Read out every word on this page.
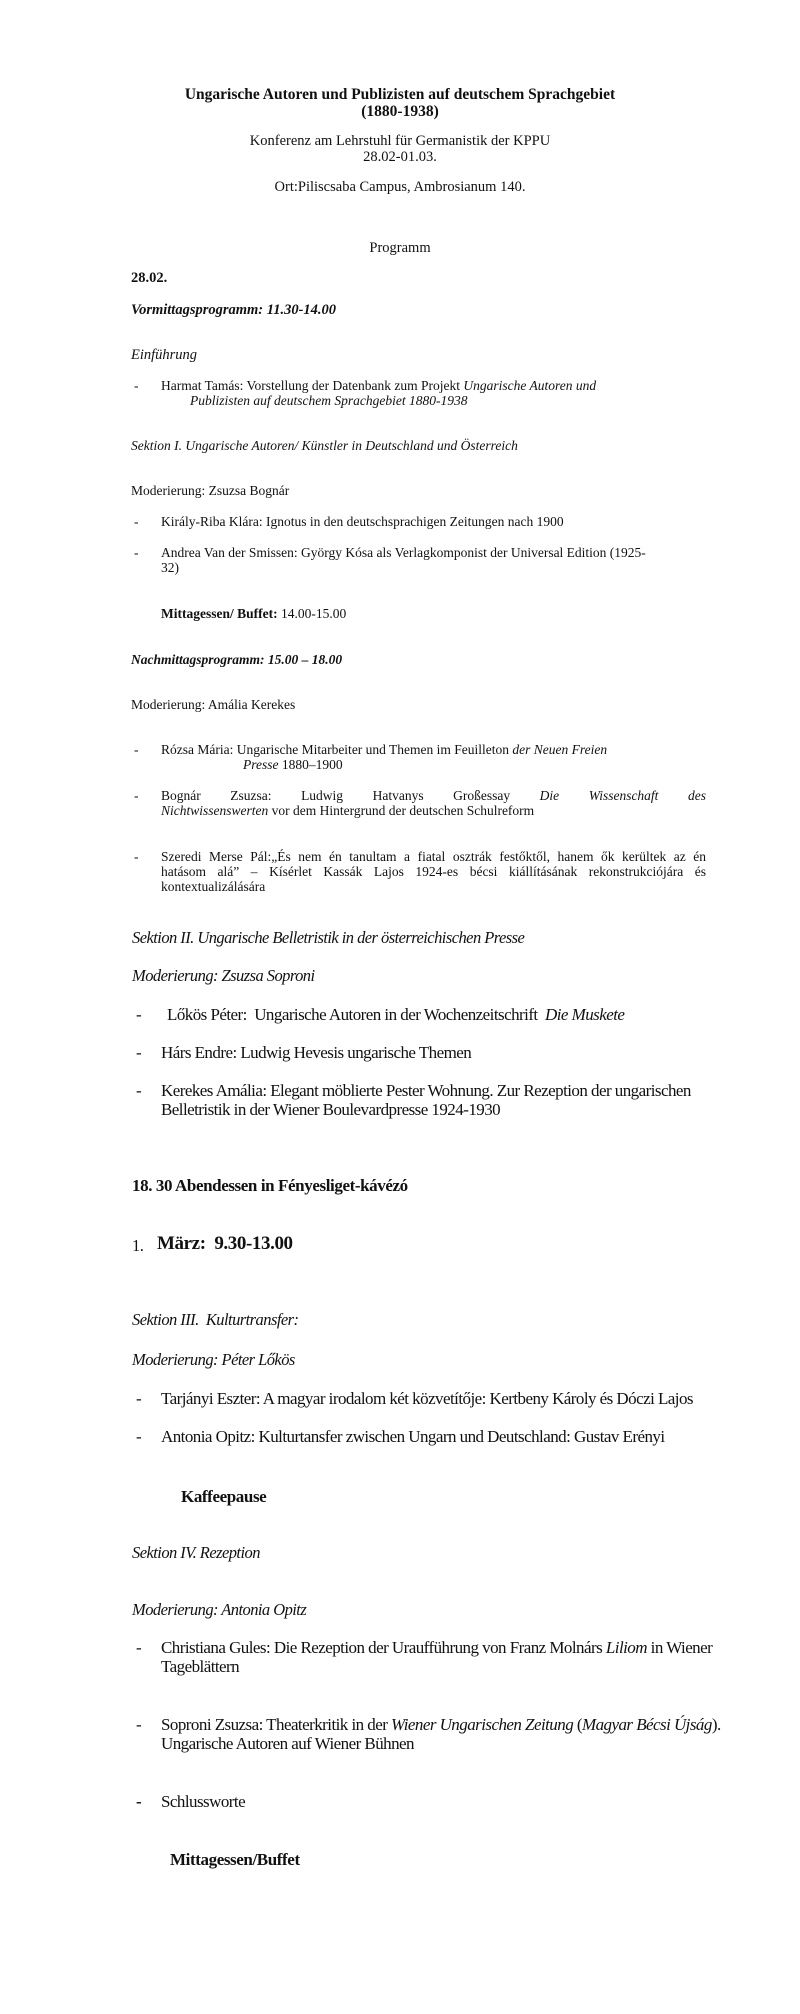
Ungarische Autoren und Publizisten auf deutschem Sprachgebiet

(1880-1938)

Konferenz am Lehrstuhl für Germanistik der KPPU

28.02-01.03.

Ort:Piliscsaba Campus, Ambrosianum 140.

Programm

28.02.

Vormittagsprogramm: 11.30-14.00

Einführung

- Harmat Tamás: Vorstellung der Datenbank zum Projekt Ungarische Autoren und

Publizisten auf deutschem Sprachgebiet 1880-1938

Sektion I. Ungarische Autoren/ Künstler in Deutschland und Österreich

Moderierung: Zsuzsa Bognár

- Király-Riba Klára: Ignotus in den deutschsprachigen Zeitungen nach 1900

- Andrea Van der Smissen: György Kósa als Verlagkomponist der Universal Edition (1925-

32)

Mittagessen/ Buffet: 14.00-15.00

Nachmittagsprogramm: 15.00 – 18.00

Moderierung: Amália Kerekes

- Rózsa Mária: Ungarische Mitarbeiter und Themen im Feuilleton der Neuen Freien

Presse 1880–1900

- Bognár Zsuzsa: Ludwig Hatvanys Großessay Die Wissenschaft des

Nichtwissenswerten vor dem Hintergrund der deutschen Schulreform

- Szeredi Merse Pál:„És nem én tanultam a fiatal osztrák festőktől, hanem ők kerültek az én

hatásom alá” – Kísérlet Kassák Lajos 1924-es bécsi kiállításának rekonstrukciójára és

kontextualizálására

Sektion II. Ungarische Belletristik in der österreichischen Presse

Moderierung: Zsuzsa Soproni

- Lőkös Péter:  Ungarische Autoren in der Wochenzeitschrift  Die Muskete

- Hárs Endre: Ludwig Hevesis ungarische Themen

- Kerekes Amália: Elegant möblierte Pester Wohnung. Zur Rezeption der ungarischen

Belletristik in der Wiener Boulevardpresse 1924-1930

18. 30 Abendessen in Fényesliget-kávézó

1. März:  9.30-13.00

Sektion III.  Kulturtransfer:

Moderierung: Péter Lőkös

- Tarjányi Eszter: A magyar irodalom két közvetítője: Kertbeny Károly és Dóczi Lajos

- Antonia Opitz: Kulturtansfer zwischen Ungarn und Deutschland: Gustav Erényi

Kaffeepause

Sektion IV. Rezeption

Moderierung: Antonia Opitz

- Christiana Gules: Die Rezeption der Uraufführung von Franz Molnárs Liliom in Wiener

Tageblättern

- Soproni Zsuzsa: Theaterkritik in der Wiener Ungarischen Zeitung (Magyar Bécsi Újság).

Ungarische Autoren auf Wiener Bühnen

- Schlussworte

Mittagessen/Buffet
